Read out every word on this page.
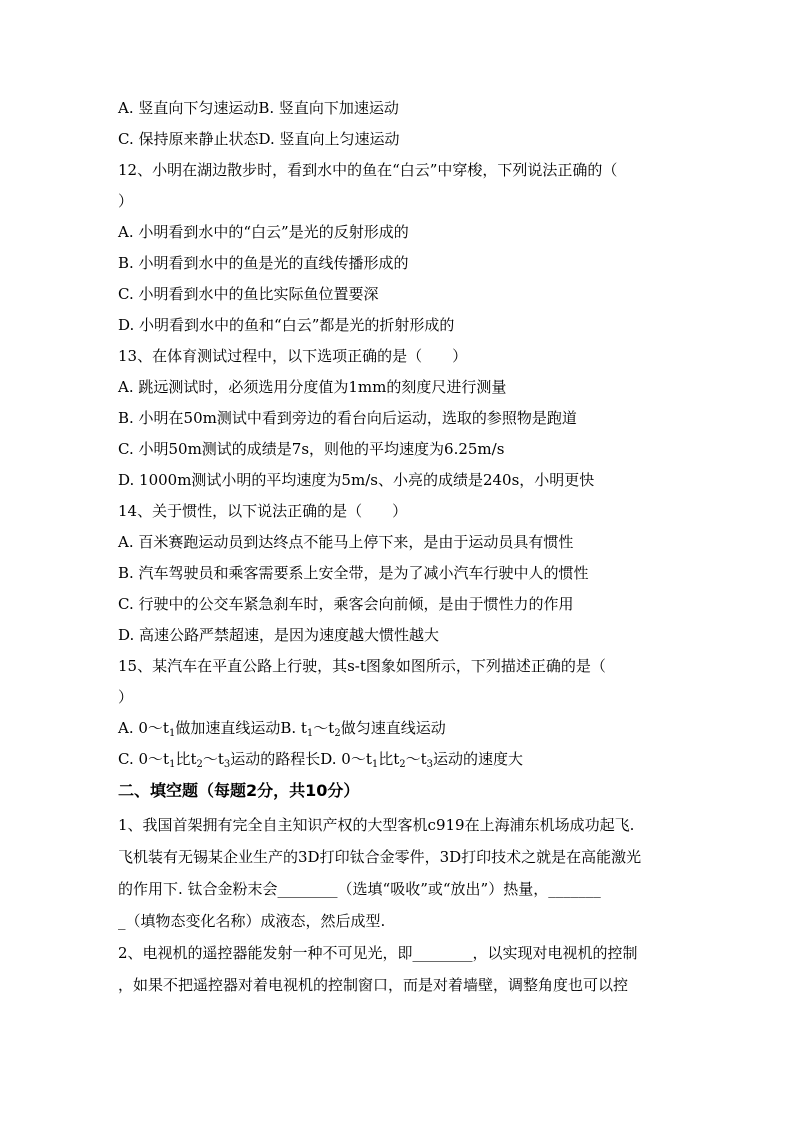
A. 竖直向下匀速运动B. 竖直向下加速运动
C. 保持原来静止状态D. 竖直向上匀速运动
12、小明在湖边散步时，看到水中的鱼在“白云”中穿梭，下列说法正确的（
）
A. 小明看到水中的“白云”是光的反射形成的
B. 小明看到水中的鱼是光的直线传播形成的
C. 小明看到水中的鱼比实际鱼位置要深
D. 小明看到水中的鱼和“白云”都是光的折射形成的
13、在体育测试过程中，以下选项正确的是（　　）
A. 跳远测试时，必须选用分度值为1mm的刻度尺进行测量
B. 小明在50m测试中看到旁边的看台向后运动，选取的参照物是跑道
C. 小明50m测试的成绩是7s，则他的平均速度为6.25m/s
D. 1000m测试小明的平均速度为5m/s、小亮的成绩是240s，小明更快
14、关于惯性，以下说法正确的是（　　）
A. 百米赛跑运动员到达终点不能马上停下来，是由于运动员具有惯性
B. 汽车驾驶员和乘客需要系上安全带，是为了减小汽车行驶中人的惯性
C. 行驶中的公交车紧急刹车时，乘客会向前倾，是由于惯性力的作用
D. 高速公路严禁超速，是因为速度越大惯性越大
15、某汽车在平直公路上行驶，其s-t图象如图所示，下列描述正确的是（
）
A. $0\sim t_1$做加速直线运动B. $t_1\sim t_2$做匀速直线运动
C. $0\sim t_1$比$t_2\sim t_3$运动的路程长D. $0\sim t_1$比$t_2\sim t_3$运动的速度大
二、填空题（每题2分，共10分）
1、我国首架拥有完全自主知识产权的大型客机c919在上海浦东机场成功起飞.
飞机装有无锡某企业生产的3D打印钛合金零件，3D打印技术之就是在高能激光
的作用下. 钛合金粉末会________（选填“吸收”或“放出”）热量，_______
_（填物态变化名称）成液态，然后成型.
2、电视机的遥控器能发射一种不可见光，即________，以实现对电视机的控制
，如果不把遥控器对着电视机的控制窗口，而是对着墙壁，调整角度也可以控
